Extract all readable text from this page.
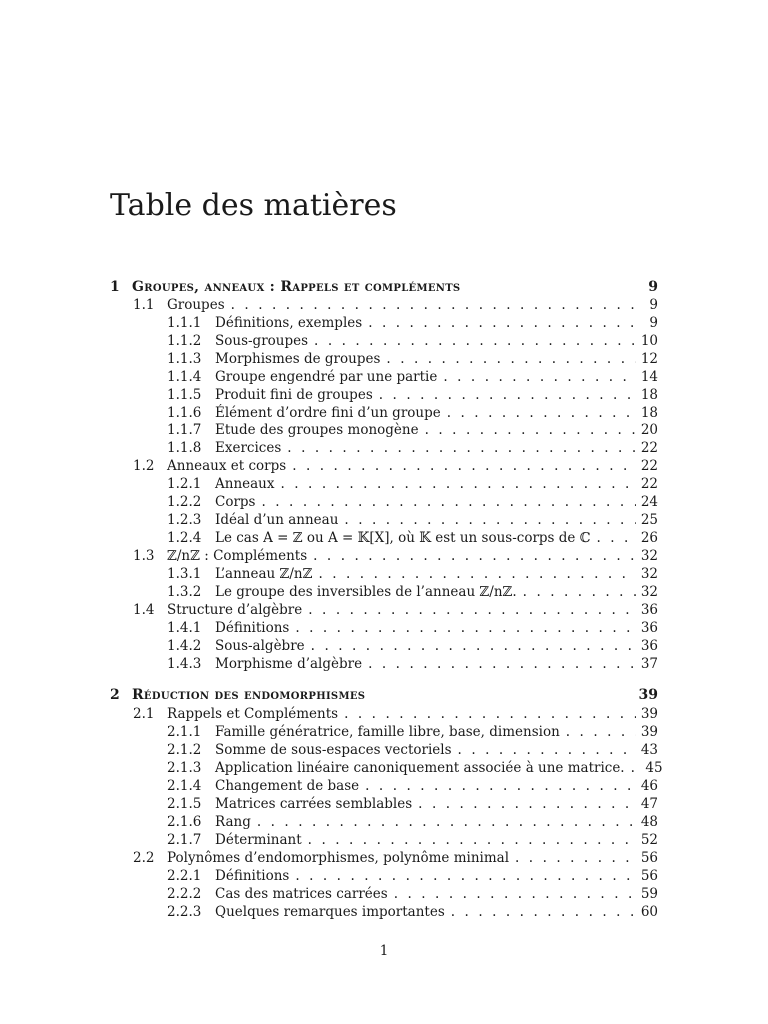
Table des matières
1 Groupes, anneaux : Rappels et compléments	9
1.1 Groupes . . .	9
1.1.1 Définitions, exemples . . .	9
1.1.2 Sous-groupes . . .	10
1.1.3 Morphismes de groupes . . .	12
1.1.4 Groupe engendré par une partie . . .	14
1.1.5 Produit fini de groupes . . .	18
1.1.6 Élément d’ordre fini d’un groupe . . .	18
1.1.7 Etude des groupes monogène . . .	20
1.1.8 Exercices . . .	22
1.2 Anneaux et corps . . .	22
1.2.1 Anneaux . . .	22
1.2.2 Corps . . .	24
1.2.3 Idéal d’un anneau . . .	25
1.2.4 Le cas A = ℤ ou A = 𝕂[X], où 𝕂 est un sous-corps de ℂ . . .	26
1.3 ℤ/nℤ : Compléments . . .	32
1.3.1 L’anneau ℤ/nℤ . . .	32
1.3.2 Le groupe des inversibles de l’anneau ℤ/nℤ. . . .	32
1.4 Structure d’algèbre . . .	36
1.4.1 Définitions . . .	36
1.4.2 Sous-algèbre . . .	36
1.4.3 Morphisme d’algèbre . . .	37
2 Réduction des endomorphismes	39
2.1 Rappels et Compléments . . .	39
2.1.1 Famille génératrice, famille libre, base, dimension . . .	39
2.1.2 Somme de sous-espaces vectoriels . . .	43
2.1.3 Application linéaire canoniquement associée à une matrice. . . . 45
2.1.4 Changement de base . . .	46
2.1.5 Matrices carrées semblables . . .	47
2.1.6 Rang . . .	48
2.1.7 Déterminant . . .	52
2.2 Polynômes d’endomorphismes, polynôme minimal . . .	56
2.2.1 Définitions . . .	56
2.2.2 Cas des matrices carrées . . .	59
2.2.3 Quelques remarques importantes . . .	60
1
